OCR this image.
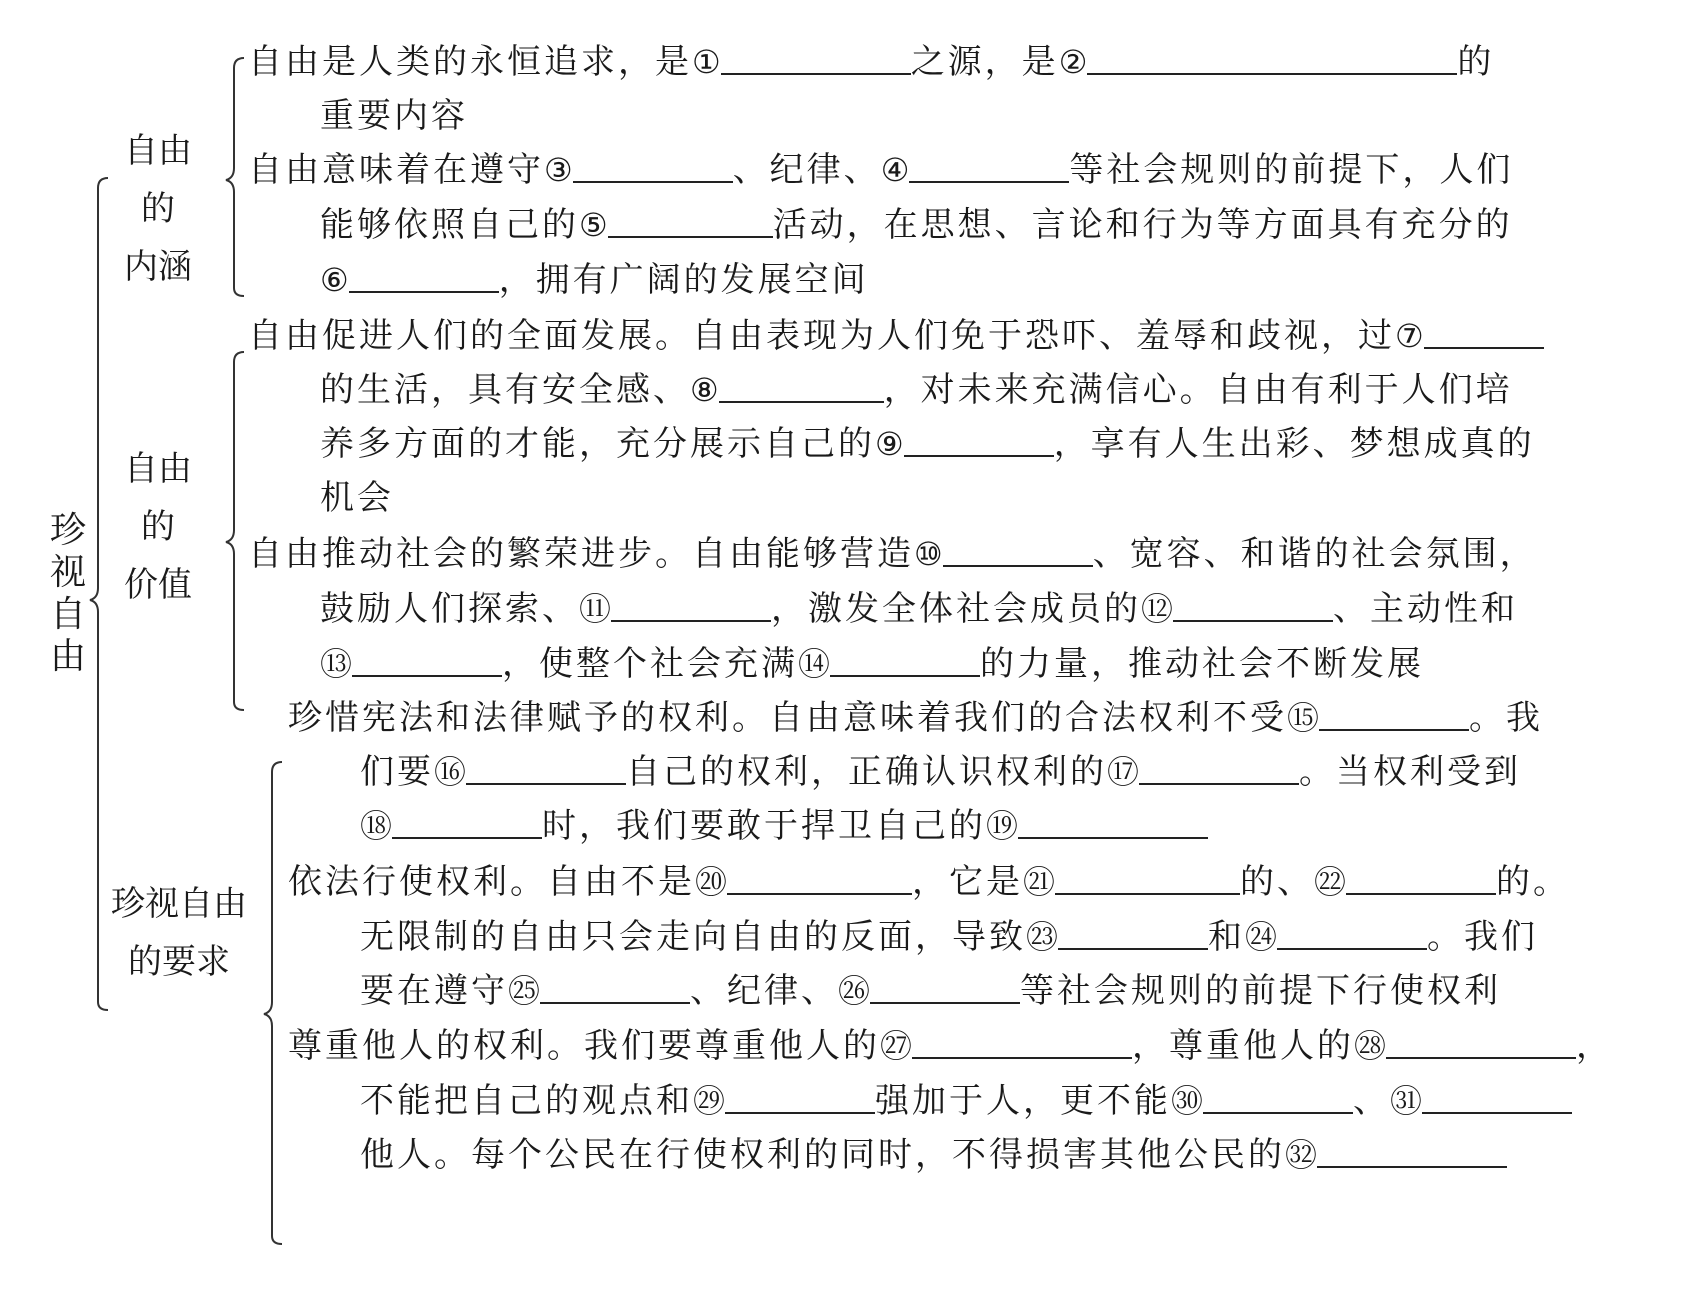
珍视自由
自由的
内涵
自由是人类的永恒追求，是①	之源，是②	的
重要内容
自由意味着在遵守③	、纪律、④	等社会规则的前提下，人们
能够依照自己的⑤	活动，在思想、言论和行为等方面具有充分的
⑥	，拥有广阔的发展空间
自由的
价值
自由促进人们的全面发展。自由表现为人们免于恐吓、羞辱和歧视，过⑦
的生活，具有安全感、⑧	，对未来充满信心。自由有利于人们培
养多方面的才能，充分展示自己的⑨	，享有人生出彩、梦想成真的
机会
自由推动社会的繁荣进步。自由能够营造⑩	、宽容、和谐的社会氛围，
鼓励人们探索、⑪	，激发全体社会成员的⑫	、主动性和
⑬	，使整个社会充满⑭	的力量，推动社会不断发展
珍视自由
的要求
珍惜宪法和法律赋予的权利。自由意味着我们的合法权利不受⑮	。我
们要⑯	自己的权利，正确认识权利的⑰	。当权利受到
⑱	时，我们要敢于捍卫自己的⑲
依法行使权利。自由不是⑳	，它是㉑	的、㉒	的。
无限制的自由只会走向自由的反面，导致㉓	和㉔	。我们
要在遵守㉕	、纪律、㉖	等社会规则的前提下行使权利
尊重他人的权利。我们要尊重他人的㉗	，尊重他人的㉘	，
不能把自己的观点和㉙	强加于人，更不能㉚	、㉛
他人。每个公民在行使权利的同时，不得损害其他公民的㉜
